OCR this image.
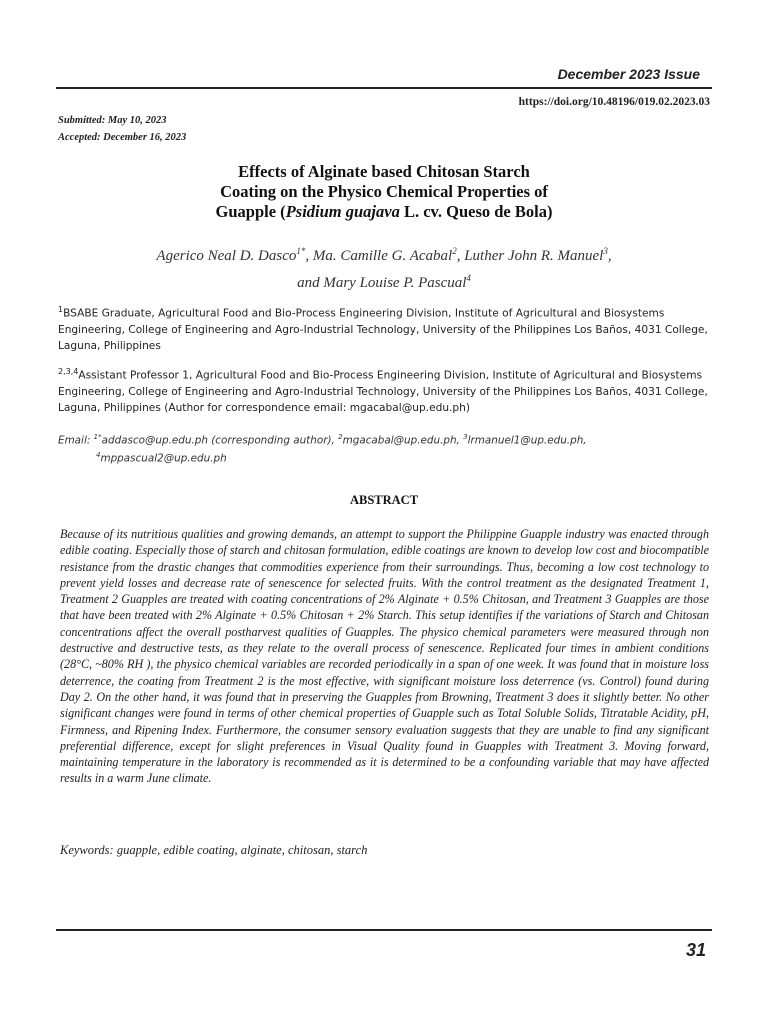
December 2023 Issue
https://doi.org/10.48196/019.02.2023.03
Submitted: May 10, 2023
Accepted: December 16, 2023
Effects of Alginate based Chitosan Starch
Coating on the Physico Chemical Properties of
Guapple (Psidium guajava L. cv. Queso de Bola)
Agerico Neal D. Dasco$^{1*}$, Ma. Camille G. Acabal$^2$, Luther John R. Manuel$^3$,
and Mary Louise P. Pascual$^4$
$^1$BSABE Graduate, Agricultural Food and Bio-Process Engineering Division, Institute of Agricultural and Biosystems Engineering, College of Engineering and Agro-Industrial Technology, University of the Philippines Los Baños, 4031 College, Laguna, Philippines
$^{2,3,4}$Assistant Professor 1, Agricultural Food and Bio-Process Engineering Division, Institute of Agricultural and Biosystems Engineering, College of Engineering and Agro-Industrial Technology, University of the Philippines Los Baños, 4031 College, Laguna, Philippines (Author for correspondence email: mgacabal@up.edu.ph)
Email: $^{1*}$addasco@up.edu.ph (corresponding author), $^2$mgacabal@up.edu.ph, $^3$lrmanuel1@up.edu.ph,
$^4$mppascual2@up.edu.ph
ABSTRACT

Because of its nutritious qualities and growing demands, an attempt to support the Philippine Guapple industry was enacted through edible coating. Especially those of starch and chitosan formulation, edible coatings are known to develop low cost and biocompatible resistance from the drastic changes that commodities experience from their surroundings. Thus, becoming a low cost technology to prevent yield losses and decrease rate of senescence for selected fruits. With the control treatment as the designated Treatment 1, Treatment 2 Guapples are treated with coating concentrations of 2% Alginate + 0.5% Chitosan, and Treatment 3 Guapples are those that have been treated with 2% Alginate + 0.5% Chitosan + 2% Starch. This setup identifies if the variations of Starch and Chitosan concentrations affect the overall postharvest qualities of Guapples. The physico chemical parameters were measured through non destructive and destructive tests, as they relate to the overall process of senescence. Replicated four times in ambient conditions (28°C, ~80% RH ), the physico chemical variables are recorded periodically in a span of one week. It was found that in moisture loss deterrence, the coating from Treatment 2 is the most effective, with significant moisture loss deterrence (vs. Control) found during Day 2. On the other hand, it was found that in preserving the Guapples from Browning, Treatment 3 does it slightly better. No other significant changes were found in terms of other chemical properties of Guapple such as Total Soluble Solids, Titratable Acidity, pH, Firmness, and Ripening Index. Furthermore, the consumer sensory evaluation suggests that they are unable to find any significant preferential difference, except for slight preferences in Visual Quality found in Guapples with Treatment 3. Moving forward, maintaining temperature in the laboratory is recommended as it is determined to be a confounding variable that may have affected results in a warm June climate.

Keywords: guapple, edible coating, alginate, chitosan, starch
31
